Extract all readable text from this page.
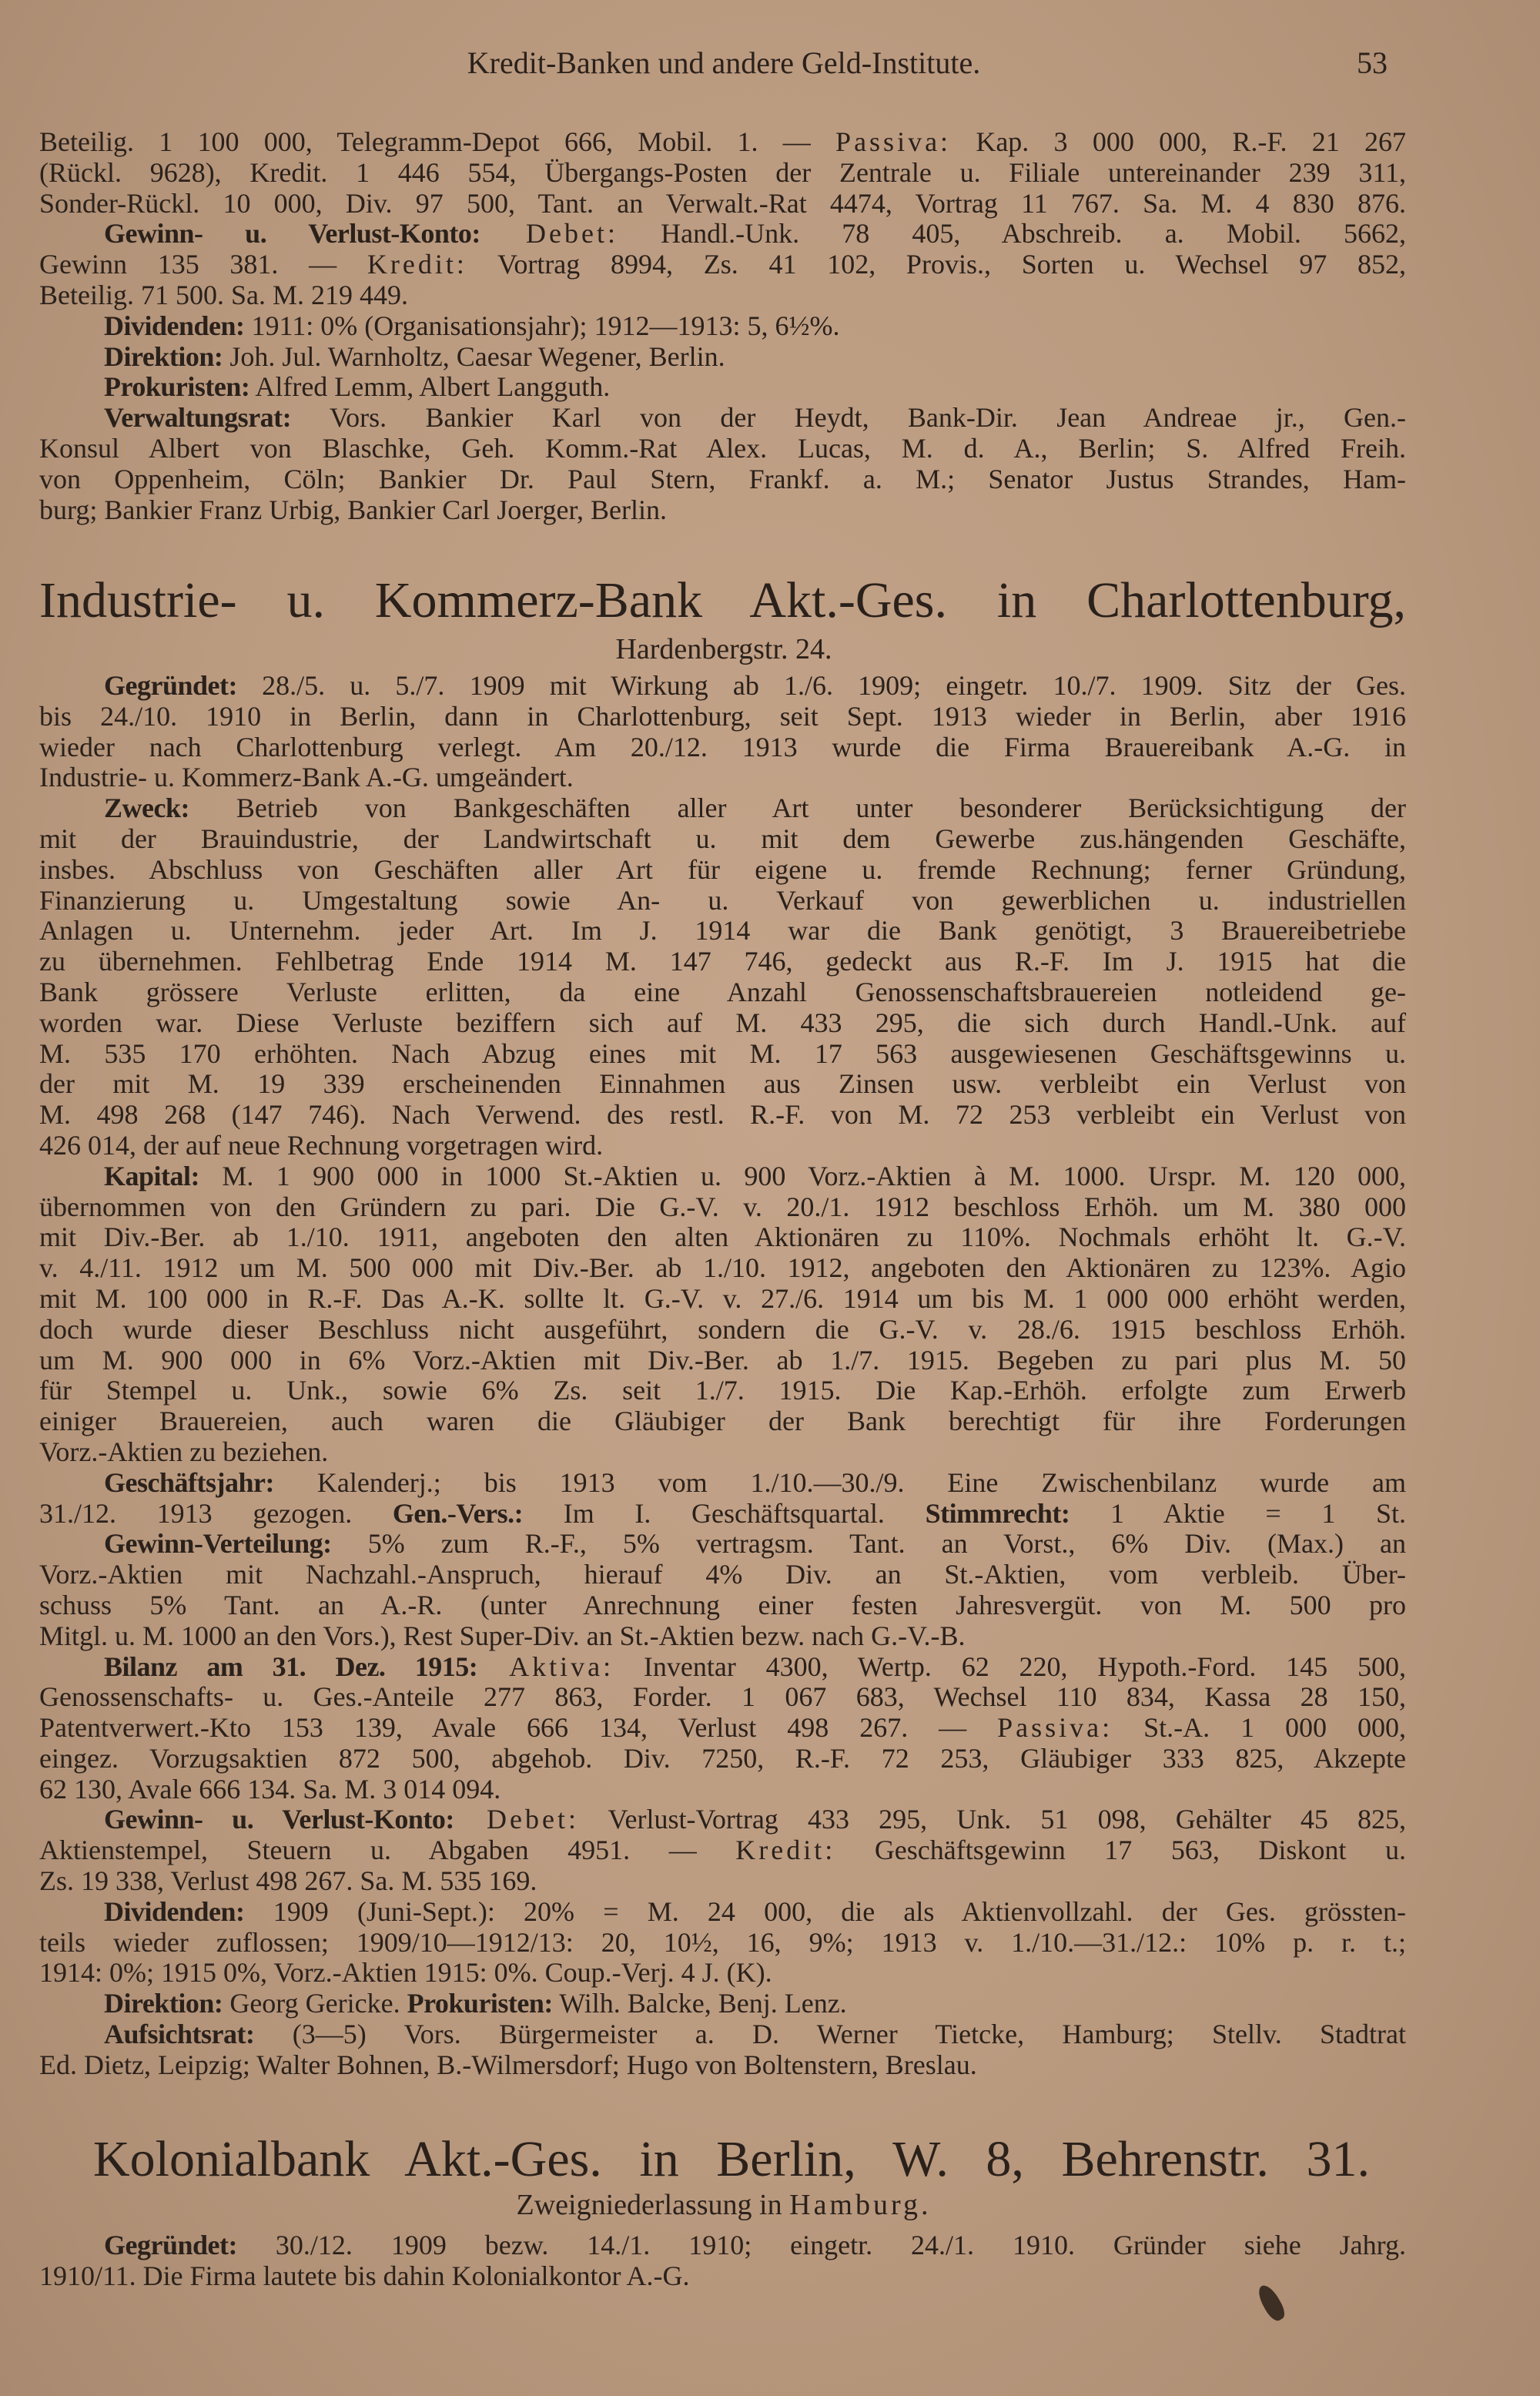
Kredit-Banken und andere Geld-Institute.	53
Beteilig. 1 100 000, Telegramm-Depot 666, Mobil. 1. — Passiva: Kap. 3 000 000, R.-F. 21 267
(Rückl. 9628), Kredit. 1 446 554, Übergangs-Posten der Zentrale u. Filiale untereinander 239 311,
Sonder-Rückl. 10 000, Div. 97 500, Tant. an Verwalt.-Rat 4474, Vortrag 11 767. Sa. M. 4 830 876.
Gewinn- u. Verlust-Konto: Debet: Handl.-Unk. 78 405, Abschreib. a. Mobil. 5662,
Gewinn 135 381. — Kredit: Vortrag 8994, Zs. 41 102, Provis., Sorten u. Wechsel 97 852,
Beteilig. 71 500. Sa. M. 219 449.
Dividenden: 1911: 0% (Organisationsjahr); 1912—1913: 5, 6½%.
Direktion: Joh. Jul. Warnholtz, Caesar Wegener, Berlin.
Prokuristen: Alfred Lemm, Albert Langguth.
Verwaltungsrat: Vors. Bankier Karl von der Heydt, Bank-Dir. Jean Andreae jr., Gen.-
Konsul Albert von Blaschke, Geh. Komm.-Rat Alex. Lucas, M. d. A., Berlin; S. Alfred Freih.
von Oppenheim, Cöln; Bankier Dr. Paul Stern, Frankf. a. M.; Senator Justus Strandes, Ham-
burg; Bankier Franz Urbig, Bankier Carl Joerger, Berlin.
Industrie- u. Kommerz-Bank Akt.-Ges. in Charlottenburg,
Hardenbergstr. 24.
Gegründet: 28./5. u. 5./7. 1909 mit Wirkung ab 1./6. 1909; eingetr. 10./7. 1909. Sitz der Ges.
bis 24./10. 1910 in Berlin, dann in Charlottenburg, seit Sept. 1913 wieder in Berlin, aber 1916
wieder nach Charlottenburg verlegt. Am 20./12. 1913 wurde die Firma Brauereibank A.-G. in
Industrie- u. Kommerz-Bank A.-G. umgeändert.
Zweck: Betrieb von Bankgeschäften aller Art unter besonderer Berücksichtigung der
mit der Brauindustrie, der Landwirtschaft u. mit dem Gewerbe zus.hängenden Geschäfte,
insbes. Abschluss von Geschäften aller Art für eigene u. fremde Rechnung; ferner Gründung,
Finanzierung u. Umgestaltung sowie An- u. Verkauf von gewerblichen u. industriellen
Anlagen u. Unternehm. jeder Art. Im J. 1914 war die Bank genötigt, 3 Brauereibetriebe
zu übernehmen. Fehlbetrag Ende 1914 M. 147 746, gedeckt aus R.-F. Im J. 1915 hat die
Bank grössere Verluste erlitten, da eine Anzahl Genossenschaftsbrauereien notleidend ge-
worden war. Diese Verluste beziffern sich auf M. 433 295, die sich durch Handl.-Unk. auf
M. 535 170 erhöhten. Nach Abzug eines mit M. 17 563 ausgewiesenen Geschäftsgewinns u.
der mit M. 19 339 erscheinenden Einnahmen aus Zinsen usw. verbleibt ein Verlust von
M. 498 268 (147 746). Nach Verwend. des restl. R.-F. von M. 72 253 verbleibt ein Verlust von
426 014, der auf neue Rechnung vorgetragen wird.
Kapital: M. 1 900 000 in 1000 St.-Aktien u. 900 Vorz.-Aktien à M. 1000. Urspr. M. 120 000,
übernommen von den Gründern zu pari. Die G.-V. v. 20./1. 1912 beschloss Erhöh. um M. 380 000
mit Div.-Ber. ab 1./10. 1911, angeboten den alten Aktionären zu 110%. Nochmals erhöht lt. G.-V.
v. 4./11. 1912 um M. 500 000 mit Div.-Ber. ab 1./10. 1912, angeboten den Aktionären zu 123%. Agio
mit M. 100 000 in R.-F. Das A.-K. sollte lt. G.-V. v. 27./6. 1914 um bis M. 1 000 000 erhöht werden,
doch wurde dieser Beschluss nicht ausgeführt, sondern die G.-V. v. 28./6. 1915 beschloss Erhöh.
um M. 900 000 in 6% Vorz.-Aktien mit Div.-Ber. ab 1./7. 1915. Begeben zu pari plus M. 50
für Stempel u. Unk., sowie 6% Zs. seit 1./7. 1915. Die Kap.-Erhöh. erfolgte zum Erwerb
einiger Brauereien, auch waren die Gläubiger der Bank berechtigt für ihre Forderungen
Vorz.-Aktien zu beziehen.
Geschäftsjahr: Kalenderj.; bis 1913 vom 1./10.—30./9. Eine Zwischenbilanz wurde am
31./12. 1913 gezogen. Gen.-Vers.: Im I. Geschäftsquartal. Stimmrecht: 1 Aktie = 1 St.
Gewinn-Verteilung: 5% zum R.-F., 5% vertragsm. Tant. an Vorst., 6% Div. (Max.) an
Vorz.-Aktien mit Nachzahl.-Anspruch, hierauf 4% Div. an St.-Aktien, vom verbleib. Über-
schuss 5% Tant. an A.-R. (unter Anrechnung einer festen Jahresvergüt. von M. 500 pro
Mitgl. u. M. 1000 an den Vors.), Rest Super-Div. an St.-Aktien bezw. nach G.-V.-B.
Bilanz am 31. Dez. 1915: Aktiva: Inventar 4300, Wertp. 62 220, Hypoth.-Ford. 145 500,
Genossenschafts- u. Ges.-Anteile 277 863, Forder. 1 067 683, Wechsel 110 834, Kassa 28 150,
Patentverwert.-Kto 153 139, Avale 666 134, Verlust 498 267. — Passiva: St.-A. 1 000 000,
eingez. Vorzugsaktien 872 500, abgehob. Div. 7250, R.-F. 72 253, Gläubiger 333 825, Akzepte
62 130, Avale 666 134. Sa. M. 3 014 094.
Gewinn- u. Verlust-Konto: Debet: Verlust-Vortrag 433 295, Unk. 51 098, Gehälter 45 825,
Aktienstempel, Steuern u. Abgaben 4951. — Kredit: Geschäftsgewinn 17 563, Diskont u.
Zs. 19 338, Verlust 498 267. Sa. M. 535 169.
Dividenden: 1909 (Juni-Sept.): 20% = M. 24 000, die als Aktienvollzahl. der Ges. grössten-
teils wieder zuflossen; 1909/10—1912/13: 20, 10½, 16, 9%; 1913 v. 1./10.—31./12.: 10% p. r. t.;
1914: 0%; 1915 0%, Vorz.-Aktien 1915: 0%. Coup.-Verj. 4 J. (K).
Direktion: Georg Gericke. Prokuristen: Wilh. Balcke, Benj. Lenz.
Aufsichtsrat: (3—5) Vors. Bürgermeister a. D. Werner Tietcke, Hamburg; Stellv. Stadtrat
Ed. Dietz, Leipzig; Walter Bohnen, B.-Wilmersdorf; Hugo von Boltenstern, Breslau.
Kolonialbank Akt.-Ges. in Berlin, W. 8, Behrenstr. 31.
Zweigniederlassung in Hamburg.
Gegründet: 30./12. 1909 bezw. 14./1. 1910; eingetr. 24./1. 1910. Gründer siehe Jahrg.
1910/11. Die Firma lautete bis dahin Kolonialkontor A.-G.
